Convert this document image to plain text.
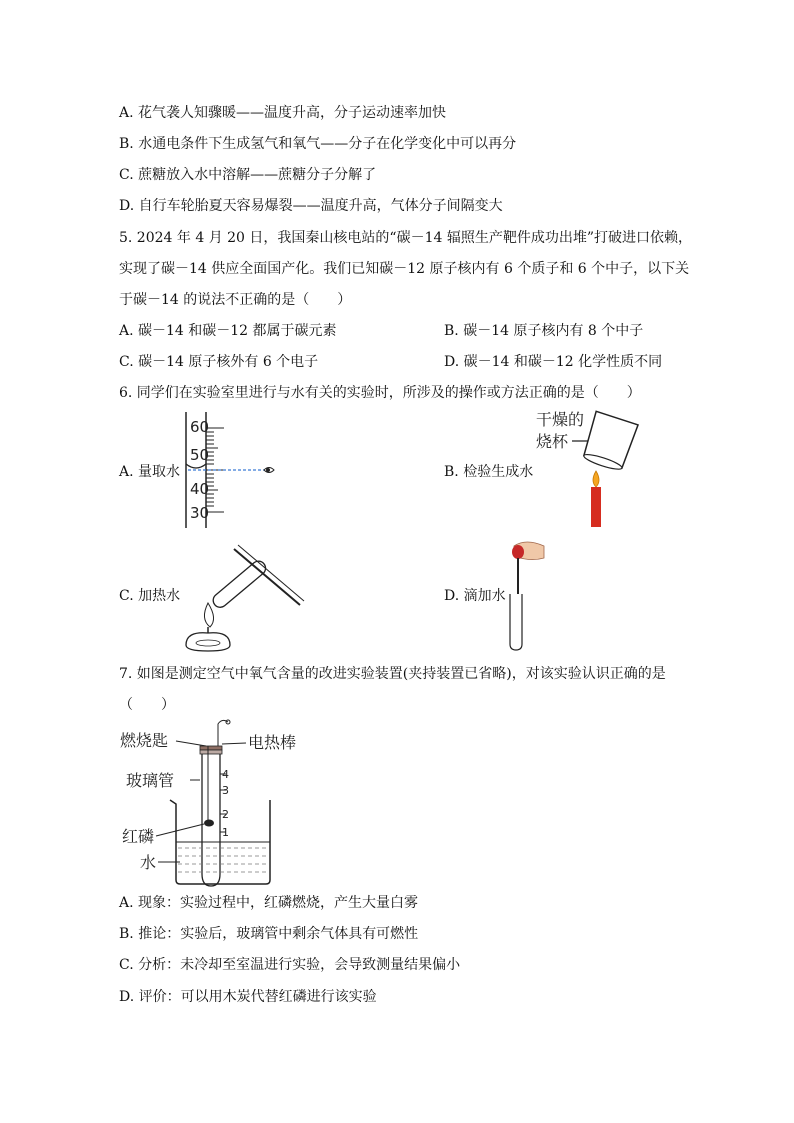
A. 花气袭人知骤暖——温度升高，分子运动速率加快
B. 水通电条件下生成氢气和氧气——分子在化学变化中可以再分
C. 蔗糖放入水中溶解——蔗糖分子分解了
D. 自行车轮胎夏天容易爆裂——温度升高，气体分子间隔变大
5. 2024 年 4 月 20 日，我国秦山核电站的“碳－14 辐照生产靶件成功出堆”打破进口依赖，
实现了碳－14 供应全面国产化。我们已知碳－12 原子核内有 6 个质子和 6 个中子，以下关
于碳－14 的说法不正确的是（　　）
A. 碳－14 和碳－12 都属于碳元素	B. 碳－14 原子核内有 8 个中子
C. 碳－14 原子核外有 6 个电子	D. 碳－14 和碳－12 化学性质不同
6. 同学们在实验室里进行与水有关的实验时，所涉及的操作或方法正确的是（　　）
A. 量取水	B. 检验生成水
C. 加热水	D. 滴加水
60
50
40
30
干燥的
烧杯
7. 如图是测定空气中氧气含量的改进实验装置(夹持装置已省略)，对该实验认识正确的是
（　　）
燃烧匙	电热棒
玻璃管
红磷
水
4
3
2
1
A. 现象：实验过程中，红磷燃烧，产生大量白雾
B. 推论：实验后，玻璃管中剩余气体具有可燃性
C. 分析：未冷却至室温进行实验，会导致测量结果偏小
D. 评价：可以用木炭代替红磷进行该实验
